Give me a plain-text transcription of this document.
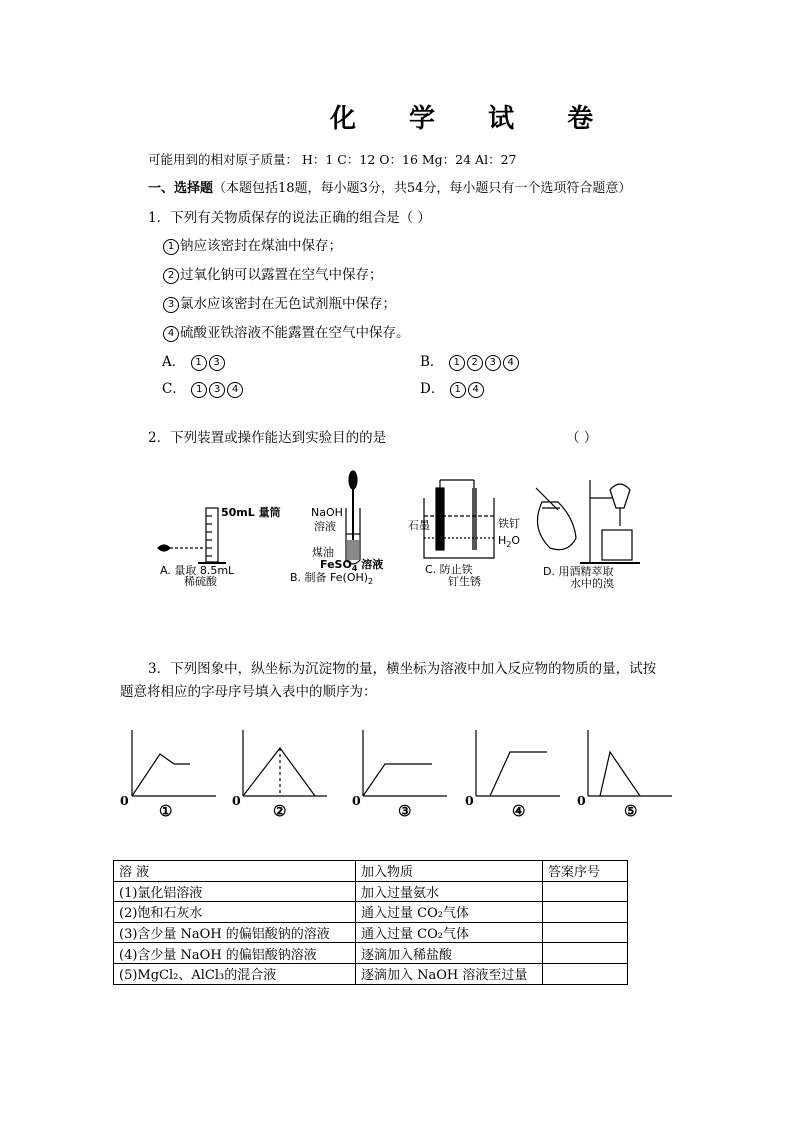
化 学 试 卷
可能用到的相对原子质量： H：1 C：12 O：16 Mg：24 Al：27
一、选择题（本题包括18题，每小题3分，共54分，每小题只有一个选项符合题意）
1．下列有关物质保存的说法正确的组合是（ ）
1 钠应该密封在煤油中保存；
2 过氧化钠可以露置在空气中保存；
3 氯水应该密封在无色试剂瓶中保存；
4 硫酸亚铁溶液不能露置在空气中保存。
A． 1 3	B． 1 2 3 4
C． 1 3 4	D． 1 4
2．下列装置或操作能达到实验目的的是	（ ）
50mL 量筒
A. 量取 8.5mL
稀硫酸
NaOH
溶液
煤油
FeSO$_4$ 溶液
B. 制备 $Fe(OH)_2$
石墨	铁钉
$H_2O$
C. 防止铁
钉生锈
D. 用酒精萃取
水中的溴
3．下列图象中，纵坐标为沉淀物的量，横坐标为溶液中加入反应物的物质的量，试按
题意将相应的字母序号填入表中的顺序为：
0	0	0	0	0
①	②	③	④	⑤
溶 液	加入物质	答案序号
(1)氯化铝溶液	加入过量氨水	
(2)饱和石灰水	通入过量 CO₂气体	
(3)含少量 NaOH 的偏铝酸钠的溶液	通入过量 CO₂气体	
(4)含少量 NaOH 的偏铝酸钠溶液	逐滴加入稀盐酸	
(5)MgCl₂、AlCl₃的混合液	逐滴加入 NaOH 溶液至过量	
